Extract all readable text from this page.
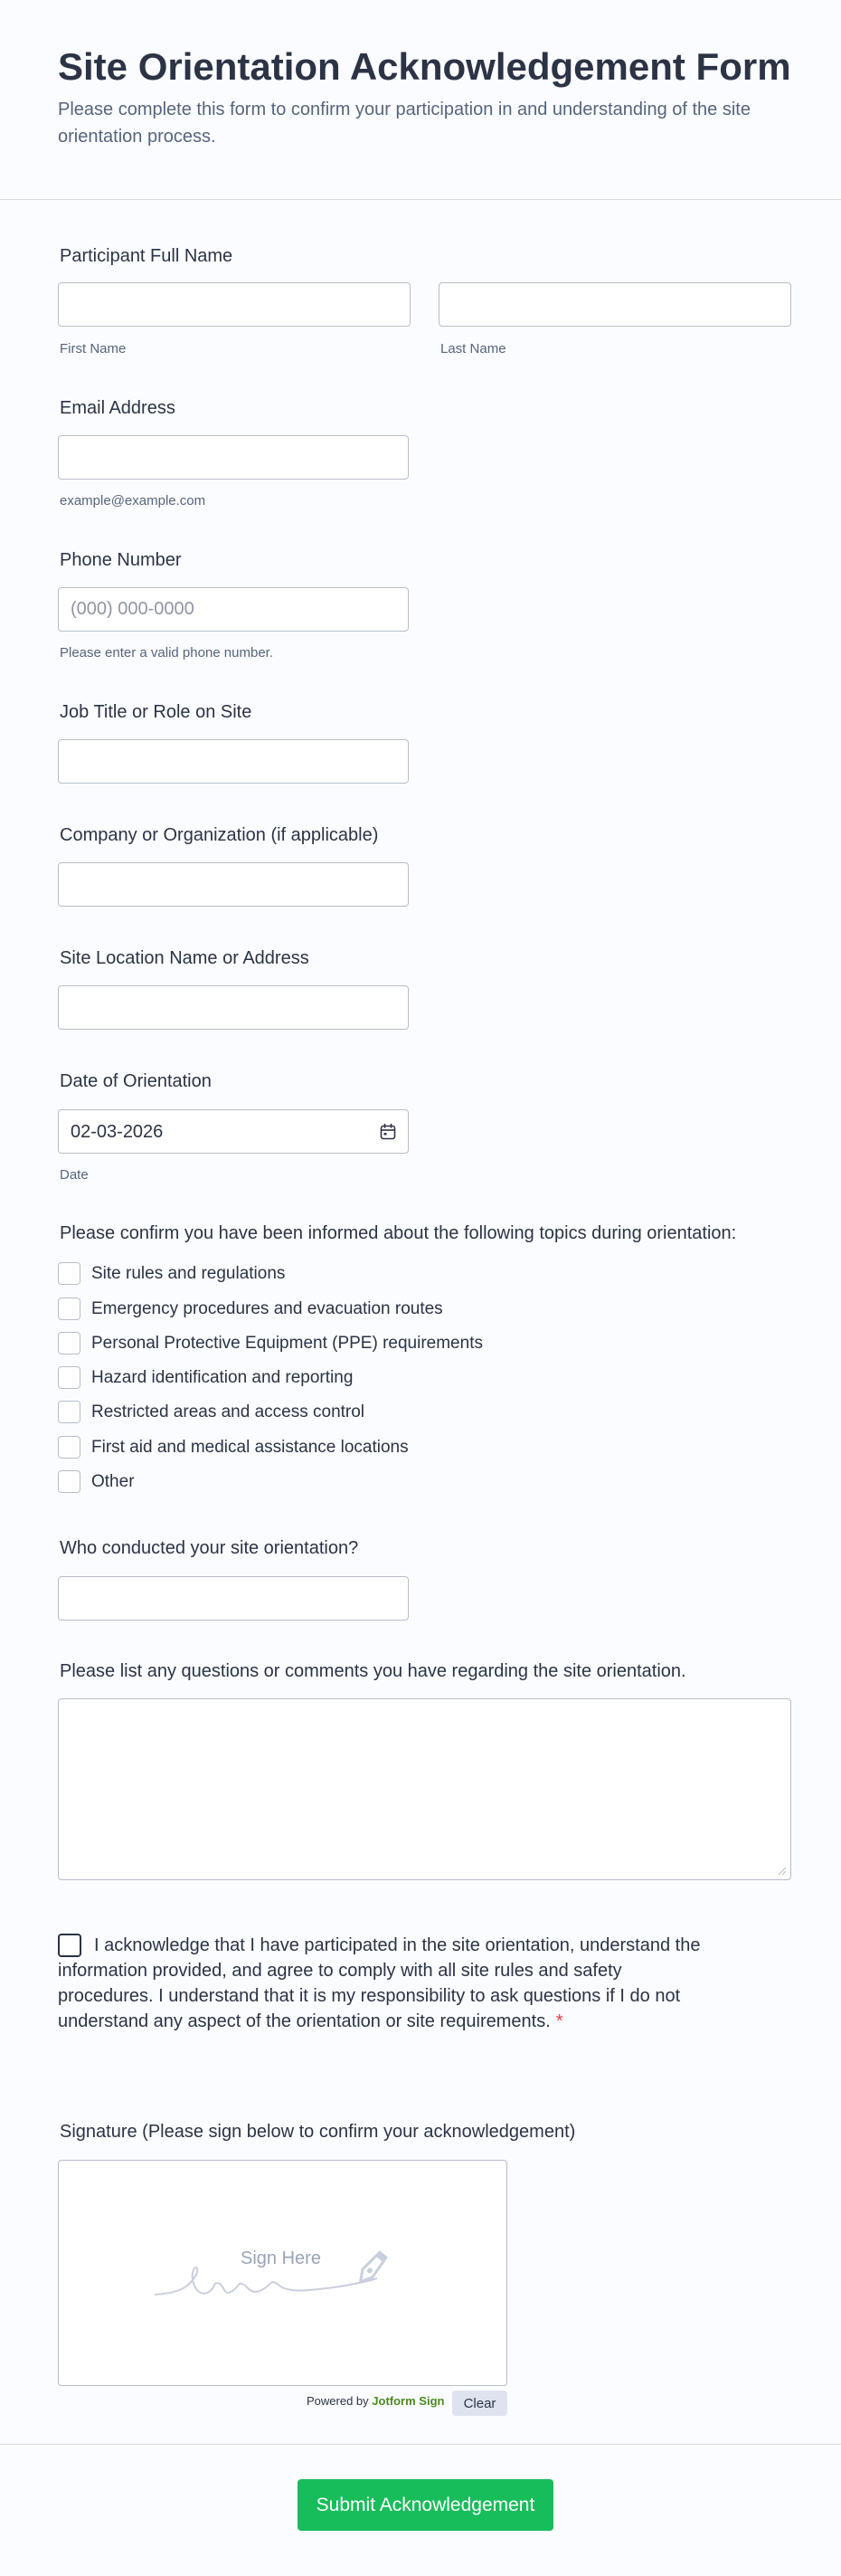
Site Orientation Acknowledgement Form

Please complete this form to confirm your participation in and understanding of the site orientation process.

Participant Full Name
First Name	Last Name
Email Address
example@example.com
Phone Number
(000) 000-0000
Please enter a valid phone number.
Job Title or Role on Site
Company or Organization (if applicable)
Site Location Name or Address
Date of Orientation
02-03-2026
Date
Please confirm you have been informed about the following topics during orientation:
Site rules and regulations
Emergency procedures and evacuation routes
Personal Protective Equipment (PPE) requirements
Hazard identification and reporting
Restricted areas and access control
First aid and medical assistance locations
Other
Who conducted your site orientation?
Please list any questions or comments you have regarding the site orientation.
I acknowledge that I have participated in the site orientation, understand the information provided, and agree to comply with all site rules and safety procedures. I understand that it is my responsibility to ask questions if I do not understand any aspect of the orientation or site requirements. *
Signature (Please sign below to confirm your acknowledgement)
Sign Here
Powered by Jotform Sign	Clear
Submit Acknowledgement
